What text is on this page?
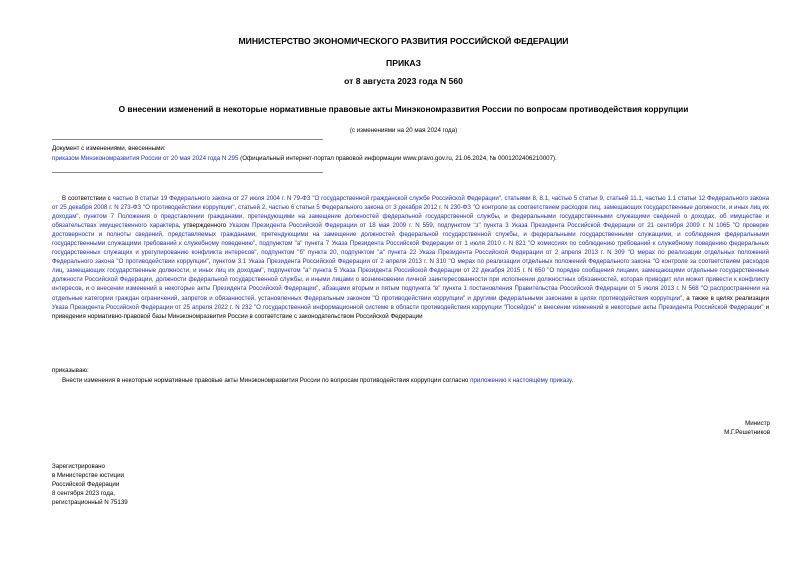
МИНИСТЕРСТВО ЭКОНОМИЧЕСКОГО РАЗВИТИЯ РОССИЙСКОЙ ФЕДЕРАЦИИ
ПРИКАЗ
от 8 августа 2023 года N 560
О внесении изменений в некоторые нормативные правовые акты Минэкономразвития России по вопросам противодействия коррупции
(с изменениями на 20 мая 2024 года)
Документ с изменениями, внесенными:
приказом Минэкономразвития России от 20 мая 2024 года N 295 (Официальный интернет-портал правовой информации www.pravo.gov.ru, 21.06.2024, № 0001202406210007).

В соответствии с частью 8 статьи 19 Федерального закона от 27 июля 2004 г. N 79-ФЗ "О государственной гражданской службе Российской Федерации", статьями 8, 8.1, частью 5 статьи 9, статьей 11.1, частью 1.1 статьи 12 Федерального закона от 25 декабря 2008 г. N 273-ФЗ "О противодействии коррупции", статьей 2, частью 6 статьи 5 Федерального закона от 3 декабря 2012 г. N 230-ФЗ "О контроле за соответствием расходов лиц, замещающих государственные должности, и иных лиц их доходам", пунктом 7 Положения о представлении гражданами, претендующими на замещение должностей федеральной государственной службы, и федеральными государственными служащими сведений о доходах, об имуществе и обязательствах имущественного характера, утвержденного Указом Президента Российской Федерации от 18 мая 2009 г. N 559, подпунктом "з" пункта 3 Указа Президента Российской Федерации от 21 сентября 2009 г. N 1065 "О проверке достоверности и полноты сведений, представляемых гражданами, претендующими на замещение должностей федеральной государственной службы, и федеральными государственными служащими, и соблюдения федеральными государственными служащими требований к служебному поведению", подпунктом "а" пункта 7 Указа Президента Российской Федерации от 1 июля 2010 г. N 821 "О комиссиях по соблюдению требований к служебному поведению федеральных государственных служащих и урегулированию конфликта интересов", подпунктом "б" пункта 20, подпунктом "а" пункта 22 Указа Президента Российской Федерации от 2 апреля 2013 г. N 309 "О мерах по реализации отдельных положений Федерального закона "О противодействии коррупции", пунктом 3.1 Указа Президента Российской Федерации от 2 апреля 2013 г. N 310 "О мерах по реализации отдельных положений Федерального закона "О контроле за соответствием расходов лиц, замещающих государственные должности, и иных лиц их доходам", подпунктом "а" пункта 5 Указа Президента Российской Федерации от 22 декабря 2015 г. N 650 "О порядке сообщения лицами, замещающими отдельные государственные должности Российской Федерации, должности федеральной государственной службы, и иными лицами о возникновении личной заинтересованности при исполнении должностных обязанностей, которая приводит или может привести к конфликту интересов, и о внесении изменений в некоторые акты Президента Российской Федерации", абзацами вторым и пятым подпункта "в" пункта 1 постановления Правительства Российской Федерации от 5 июля 2013 г. N 568 "О распространении на отдельные категории граждан ограничений, запретов и обязанностей, установленных Федеральным законом "О противодействии коррупции" и другими федеральными законами в целях противодействия коррупции", а также в целях реализации Указа Президента Российской Федерации от 25 апреля 2022 г. N 232 "О государственной информационной системе в области противодействия коррупции "Посейдон" и внесении изменений в некоторые акты Президента Российской Федерации" и приведения нормативно-правовой базы Минэкономразвития России в соответствие с законодательством Российской Федерации

приказываю:
Внести изменения в некоторые нормативные правовые акты Минэкономразвития России по вопросам противодействия коррупции согласно приложению к настоящему приказу.
Министр
М.Г.Решетников
Зарегистрировано
в Министерстве юстиции
Российской Федерации
8 сентября 2023 года,
регистрационный N 75139
